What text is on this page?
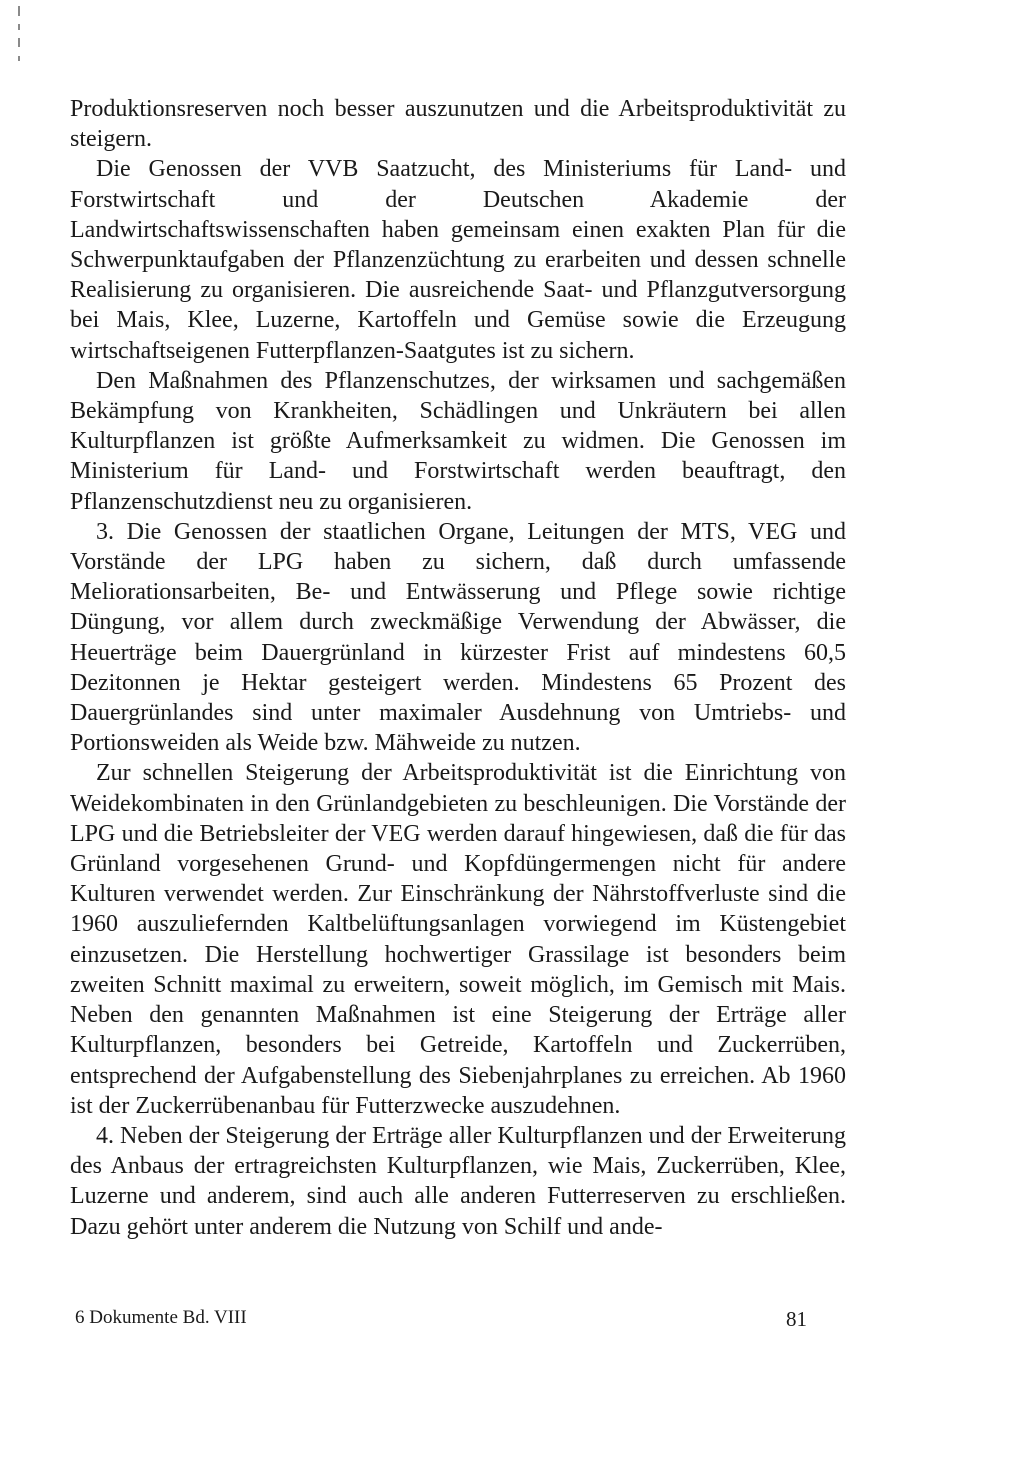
Produktionsreserven noch besser auszunutzen und die Arbeitsproduktivität zu steigern.

Die Genossen der VVB Saatzucht, des Ministeriums für Land- und Forstwirtschaft und der Deutschen Akademie der Landwirtschaftswissenschaften haben gemeinsam einen exakten Plan für die Schwerpunktaufgaben der Pflanzenzüchtung zu erarbeiten und dessen schnelle Realisierung zu organisieren. Die ausreichende Saat- und Pflanzgutversorgung bei Mais, Klee, Luzerne, Kartoffeln und Gemüse sowie die Erzeugung wirtschaftseigenen Futterpflanzen-Saatgutes ist zu sichern.

Den Maßnahmen des Pflanzenschutzes, der wirksamen und sachgemäßen Bekämpfung von Krankheiten, Schädlingen und Unkräutern bei allen Kulturpflanzen ist größte Aufmerksamkeit zu widmen. Die Genossen im Ministerium für Land- und Forstwirtschaft werden beauftragt, den Pflanzenschutzdienst neu zu organisieren.

3. Die Genossen der staatlichen Organe, Leitungen der MTS, VEG und Vorstände der LPG haben zu sichern, daß durch umfassende Meliorationsarbeiten, Be- und Entwässerung und Pflege sowie richtige Düngung, vor allem durch zweckmäßige Verwendung der Abwässer, die Heuerträge beim Dauergrünland in kürzester Frist auf mindestens 60,5 Dezitonnen je Hektar gesteigert werden. Mindestens 65 Prozent des Dauergrünlandes sind unter maximaler Ausdehnung von Umtriebs- und Portionsweiden als Weide bzw. Mähweide zu nutzen.

Zur schnellen Steigerung der Arbeitsproduktivität ist die Einrichtung von Weidekombinaten in den Grünlandgebieten zu beschleunigen. Die Vorstände der LPG und die Betriebsleiter der VEG werden darauf hingewiesen, daß die für das Grünland vorgesehenen Grund- und Kopfdüngermengen nicht für andere Kulturen verwendet werden. Zur Einschränkung der Nährstoffverluste sind die 1960 auszuliefernden Kaltbelüftungsanlagen vorwiegend im Küstengebiet einzusetzen. Die Herstellung hochwertiger Grassilage ist besonders beim zweiten Schnitt maximal zu erweitern, soweit möglich, im Gemisch mit Mais. Neben den genannten Maßnahmen ist eine Steigerung der Erträge aller Kulturpflanzen, besonders bei Getreide, Kartoffeln und Zuckerrüben, entsprechend der Aufgabenstellung des Siebenjahrplanes zu erreichen. Ab 1960 ist der Zuckerrübenanbau für Futterzwecke auszudehnen.

4. Neben der Steigerung der Erträge aller Kulturpflanzen und der Erweiterung des Anbaus der ertragreichsten Kulturpflanzen, wie Mais, Zuckerrüben, Klee, Luzerne und anderem, sind auch alle anderen Futterreserven zu erschließen. Dazu gehört unter anderem die Nutzung von Schilf und ande-

6 Dokumente Bd. VIII	81
